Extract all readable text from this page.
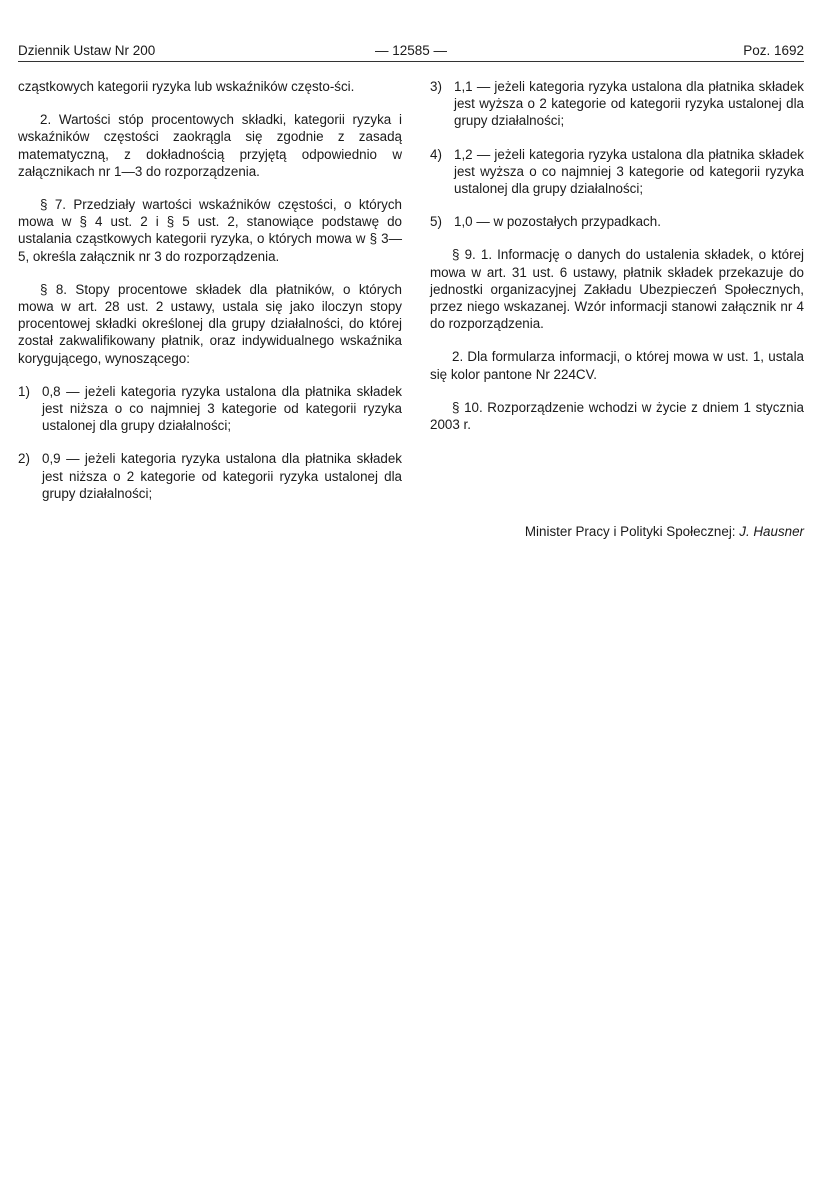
Dziennik Ustaw Nr 200	— 12585 —	Poz. 1692

cząstkowych kategorii ryzyka lub wskaźników często-ści.

2. Wartości stóp procentowych składki, kategorii ryzyka i wskaźników częstości zaokrągla się zgodnie z zasadą matematyczną, z dokładnością przyjętą odpowiednio w załącznikach nr 1—3 do rozporządzenia.

§ 7. Przedziały wartości wskaźników częstości, o których mowa w § 4 ust. 2 i § 5 ust. 2, stanowiące podstawę do ustalania cząstkowych kategorii ryzyka, o których mowa w § 3—5, określa załącznik nr 3 do rozporządzenia.

§ 8. Stopy procentowe składek dla płatników, o których mowa w art. 28 ust. 2 ustawy, ustala się jako iloczyn stopy procentowej składki określonej dla grupy działalności, do której został zakwalifikowany płatnik, oraz indywidualnego wskaźnika korygującego, wynoszącego:

1) 0,8 — jeżeli kategoria ryzyka ustalona dla płatnika składek jest niższa o co najmniej 3 kategorie od kategorii ryzyka ustalonej dla grupy działalności;
2) 0,9 — jeżeli kategoria ryzyka ustalona dla płatnika składek jest niższa o 2 kategorie od kategorii ryzyka ustalonej dla grupy działalności;
3) 1,1 — jeżeli kategoria ryzyka ustalona dla płatnika składek jest wyższa o 2 kategorie od kategorii ryzyka ustalonej dla grupy działalności;
4) 1,2 — jeżeli kategoria ryzyka ustalona dla płatnika składek jest wyższa o co najmniej 3 kategorie od kategorii ryzyka ustalonej dla grupy działalności;
5) 1,0 — w pozostałych przypadkach.

§ 9. 1. Informację o danych do ustalenia składek, o której mowa w art. 31 ust. 6 ustawy, płatnik składek przekazuje do jednostki organizacyjnej Zakładu Ubezpieczeń Społecznych, przez niego wskazanej. Wzór informacji stanowi załącznik nr 4 do rozporządzenia.

2. Dla formularza informacji, o której mowa w ust. 1, ustala się kolor pantone Nr 224CV.

§ 10. Rozporządzenie wchodzi w życie z dniem 1 stycznia 2003 r.

Minister Pracy i Polityki Społecznej: J. Hausner
